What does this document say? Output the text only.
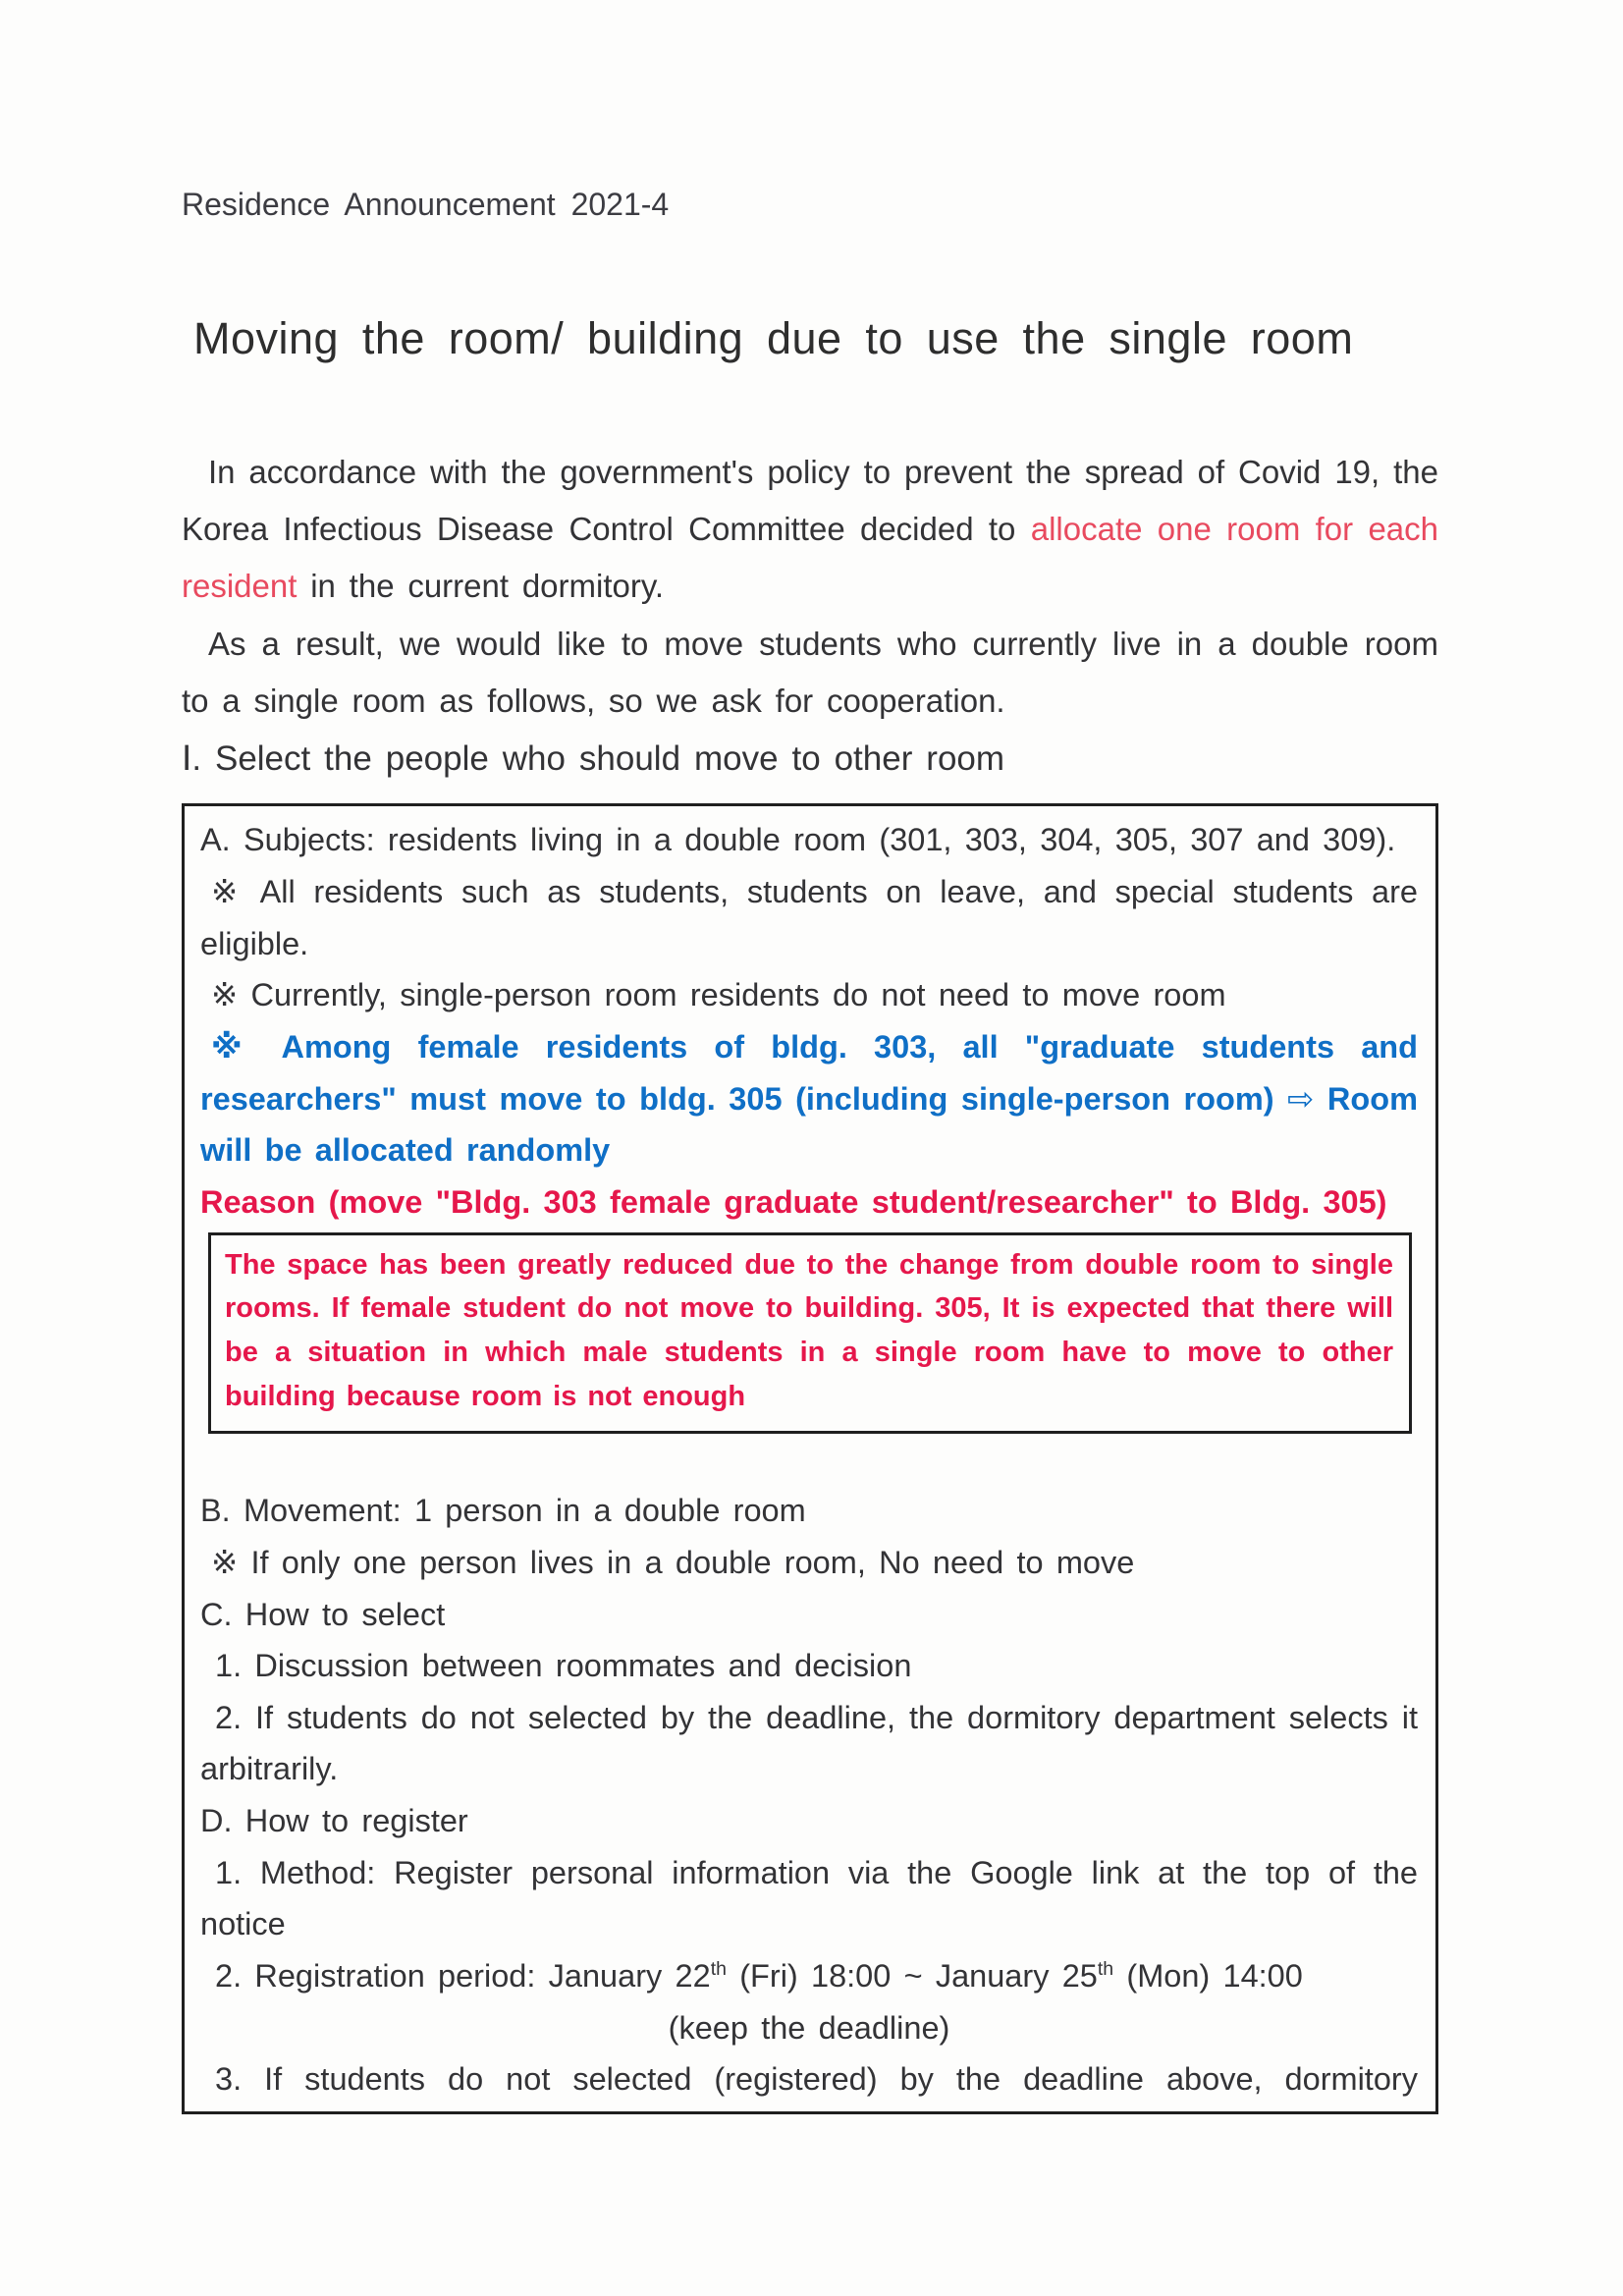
Residence Announcement 2021-4
Moving the room/ building due to use the single room

In accordance with the government's policy to prevent the spread of Covid 19, the Korea Infectious Disease Control Committee decided to allocate one room for each resident in the current dormitory.

As a result, we would like to move students who currently live in a double room to a single room as follows, so we ask for cooperation.

Ⅰ. Select the people who should move to other room

A. Subjects: residents living in a double room (301, 303, 304, 305, 307 and 309).

※ All residents such as students, students on leave, and special students are eligible.

※ Currently, single-person room residents do not need to move room

※ Among female residents of bldg. 303, all "graduate students and researchers" must move to bldg. 305 (including single-person room) ⇨ Room will be allocated randomly

Reason (move "Bldg. 303 female graduate student/researcher" to Bldg. 305)

The space has been greatly reduced due to the change from double room to single rooms. If female student do not move to building. 305, It is expected that there will be a situation in which male students in a single room have to move to other building because room is not enough

B. Movement: 1 person in a double room

※ If only one person lives in a double room, No need to move

C. How to select

1. Discussion between roommates and decision

2. If students do not selected by the deadline, the dormitory department selects it arbitrarily.

D. How to register

1. Method: Register personal information via the Google link at the top of the notice

2. Registration period: January 22th (Fri) 18:00 ~ January 25th (Mon) 14:00

(keep the deadline)

3. If students do not selected (registered) by the deadline above, dormitory
